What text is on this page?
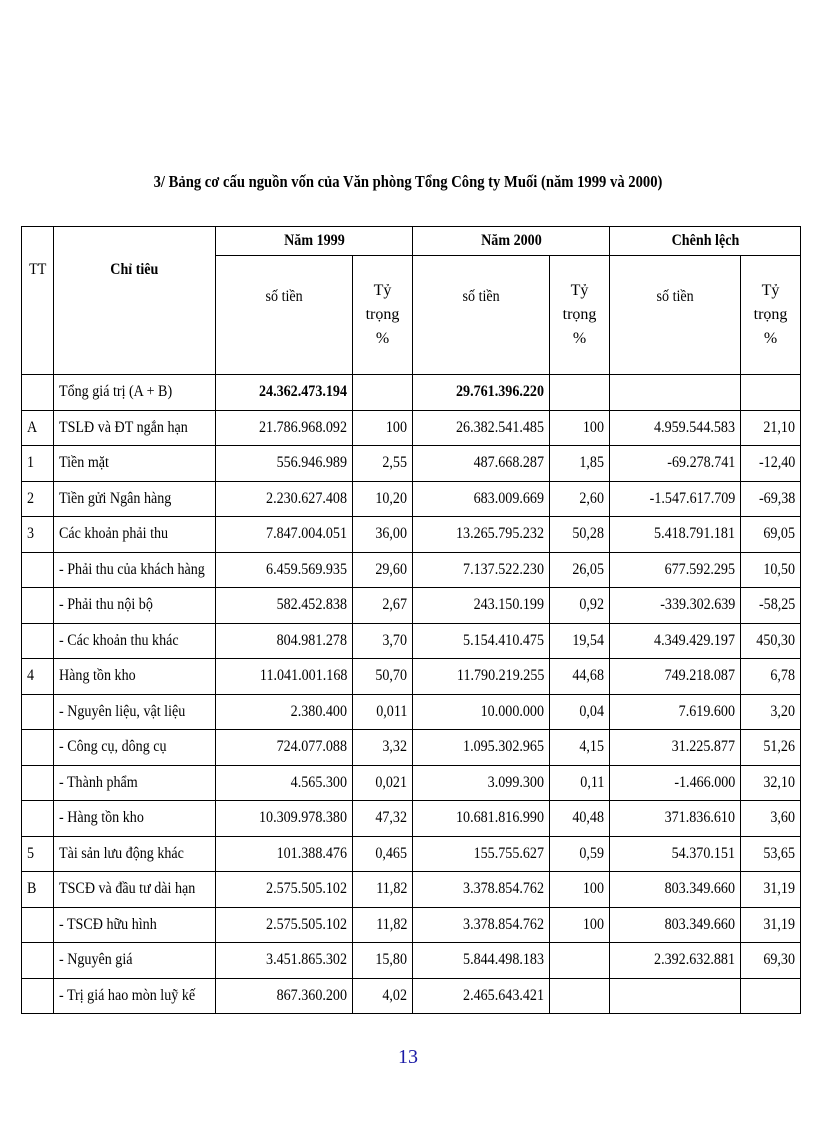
3/ Bảng cơ cấu nguồn vốn của Văn phòng Tổng Công ty Muối (năm 1999 và 2000)
TT	Chỉ tiêu	Năm 1999		Năm 2000		Chênh lệch	
		số tiền	Tỷ
trọng
%	số tiền	Tỷ
trọng
%	số tiền	Tỷ
trọng
%
	Tổng giá trị (A + B)	24.362.473.194		29.761.396.220			
A	TSLĐ và ĐT ngắn hạn	21.786.968.092	100	26.382.541.485	100	4.959.544.583	21,10
1	Tiền mặt	556.946.989	2,55	487.668.287	1,85	-69.278.741	-12,40
2	Tiền gửi Ngân hàng	2.230.627.408	10,20	683.009.669	2,60	-1.547.617.709	-69,38
3	Các khoản phải thu	7.847.004.051	36,00	13.265.795.232	50,28	5.418.791.181	69,05
	- Phải thu của khách hàng	6.459.569.935	29,60	7.137.522.230	26,05	677.592.295	10,50
	- Phải thu nội bộ	582.452.838	2,67	243.150.199	0,92	-339.302.639	-58,25
	- Các khoản thu khác	804.981.278	3,70	5.154.410.475	19,54	4.349.429.197	450,30
4	Hàng tồn kho	11.041.001.168	50,70	11.790.219.255	44,68	749.218.087	6,78
	- Nguyên liệu, vật liệu	2.380.400	0,011	10.000.000	0,04	7.619.600	3,20
	- Công cụ, dông cụ	724.077.088	3,32	1.095.302.965	4,15	31.225.877	51,26
	- Thành phẩm	4.565.300	0,021	3.099.300	0,11	-1.466.000	32,10
	- Hàng tồn kho	10.309.978.380	47,32	10.681.816.990	40,48	371.836.610	3,60
5	Tài sản lưu động khác	101.388.476	0,465	155.755.627	0,59	54.370.151	53,65
B	TSCĐ và đầu tư dài hạn	2.575.505.102	11,82	3.378.854.762	100	803.349.660	31,19
	- TSCĐ hữu hình	2.575.505.102	11,82	3.378.854.762	100	803.349.660	31,19
	- Nguyên giá	3.451.865.302	15,80	5.844.498.183		2.392.632.881	69,30
	- Trị giá hao mòn luỹ kế	867.360.200	4,02	2.465.643.421			
13
